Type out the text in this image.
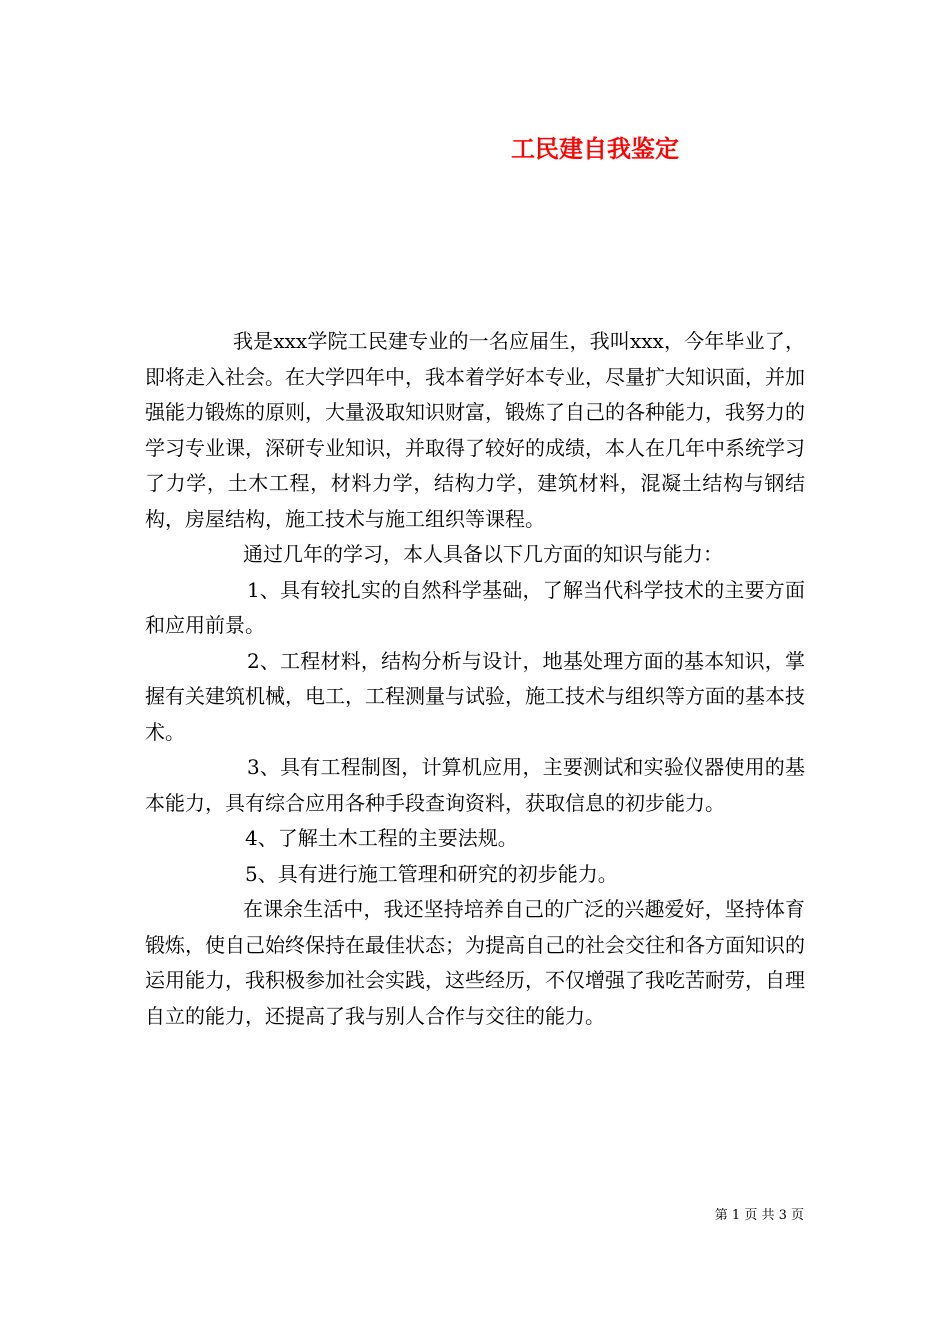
工民建自我鉴定

我是xxx学院工民建专业的一名应届生，我叫xxx，今年毕业了，即将走入社会。在大学四年中，我本着学好本专业，尽量扩大知识面，并加强能力锻炼的原则，大量汲取知识财富，锻炼了自己的各种能力，我努力的学习专业课，深研专业知识，并取得了较好的成绩，本人在几年中系统学习了力学，土木工程，材料力学，结构力学，建筑材料，混凝土结构与钢结构，房屋结构，施工技术与施工组织等课程。

通过几年的学习，本人具备以下几方面的知识与能力：

1、具有较扎实的自然科学基础，了解当代科学技术的主要方面和应用前景。

2、工程材料，结构分析与设计，地基处理方面的基本知识，掌握有关建筑机械，电工，工程测量与试验，施工技术与组织等方面的基本技术。

3、具有工程制图，计算机应用，主要测试和实验仪器使用的基本能力，具有综合应用各种手段查询资料，获取信息的初步能力。

4、了解土木工程的主要法规。

5、具有进行施工管理和研究的初步能力。

在课余生活中，我还坚持培养自己的广泛的兴趣爱好，坚持体育锻炼，使自己始终保持在最佳状态；为提高自己的社会交往和各方面知识的运用能力，我积极参加社会实践，这些经历，不仅增强了我吃苦耐劳，自理自立的能力，还提高了我与别人合作与交往的能力。

第 1 页 共 3 页
